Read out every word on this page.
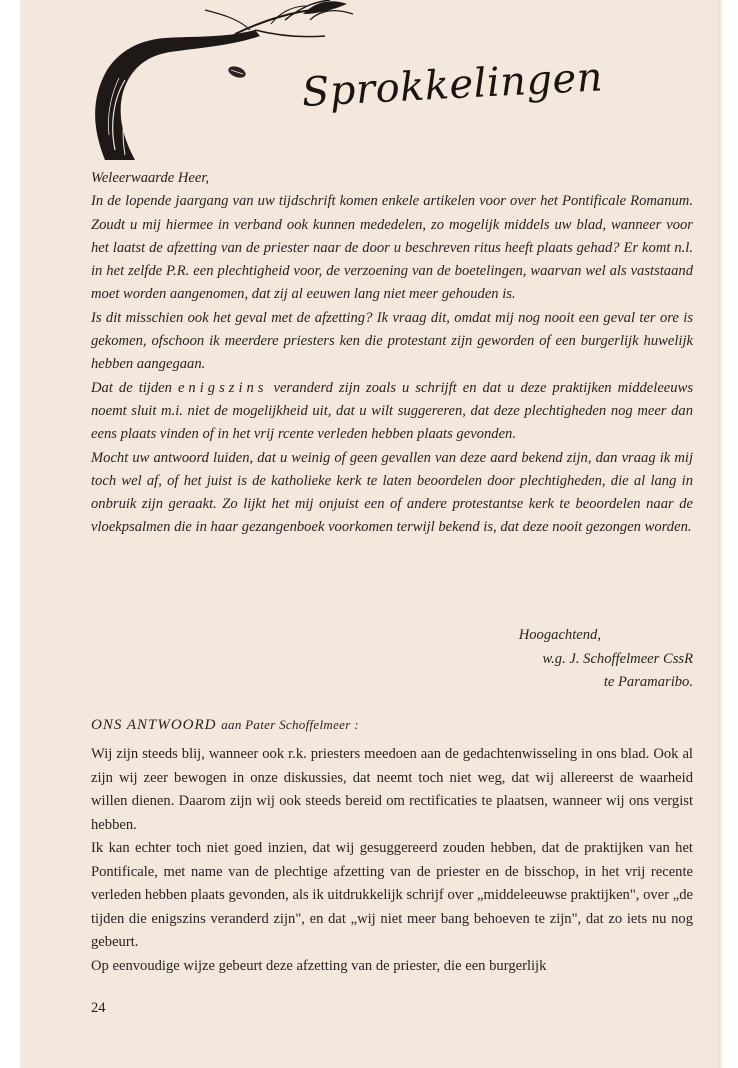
Sprokkelingen

Weleerwaarde Heer,

In de lopende jaargang van uw tijdschrift komen enkele artikelen voor over het Pontificale Romanum. Zoudt u mij hiermee in verband ook kunnen mededelen, zo mogelijk middels uw blad, wanneer voor het laatst de afzetting van de priester naar de door u beschreven ritus heeft plaats gehad? Er komt n.l. in het zelfde P.R. een plechtigheid voor, de verzoening van de boetelingen, waarvan wel als vaststaand moet worden aangenomen, dat zij al eeuwen lang niet meer gehouden is.

Is dit misschien ook het geval met de afzetting? Ik vraag dit, omdat mij nog nooit een geval ter ore is gekomen, ofschoon ik meerdere priesters ken die protestant zijn geworden of een burgerlijk huwelijk hebben aangegaan.

Dat de tijden enigszins veranderd zijn zoals u schrijft en dat u deze praktijken middeleeuws noemt sluit m.i. niet de mogelijkheid uit, dat u wilt suggereren, dat deze plechtigheden nog meer dan eens plaats vinden of in het vrij rcente verleden hebben plaats gevonden.

Mocht uw antwoord luiden, dat u weinig of geen gevallen van deze aard bekend zijn, dan vraag ik mij toch wel af, of het juist is de katholieke kerk te laten beoordelen door plechtigheden, die al lang in onbruik zijn geraakt. Zo lijkt het mij onjuist een of andere protestantse kerk te beoordelen naar de vloekpsalmen die in haar gezangenboek voorkomen terwijl bekend is, dat deze nooit gezongen worden.

Hoogachtend,
w.g. J. Schoffelmeer CssR
te Paramaribo.
ONS ANTWOORD aan Pater Schoffelmeer :

Wij zijn steeds blij, wanneer ook r.k. priesters meedoen aan de gedachtenwisseling in ons blad. Ook al zijn wij zeer bewogen in onze diskussies, dat neemt toch niet weg, dat wij allereerst de waarheid willen dienen. Daarom zijn wij ook steeds bereid om rectificaties te plaatsen, wanneer wij ons vergist hebben.

Ik kan echter toch niet goed inzien, dat wij gesuggereerd zouden hebben, dat de praktijken van het Pontificale, met name van de plechtige afzetting van de priester en de bisschop, in het vrij recente verleden hebben plaats gevonden, als ik uitdrukkelijk schrijf over „middeleeuwse praktijken", over „de tijden die enigszins veranderd zijn", en dat „wij niet meer bang behoeven te zijn", dat zo iets nu nog gebeurt.

Op eenvoudige wijze gebeurt deze afzetting van de priester, die een burgerlijk

24
